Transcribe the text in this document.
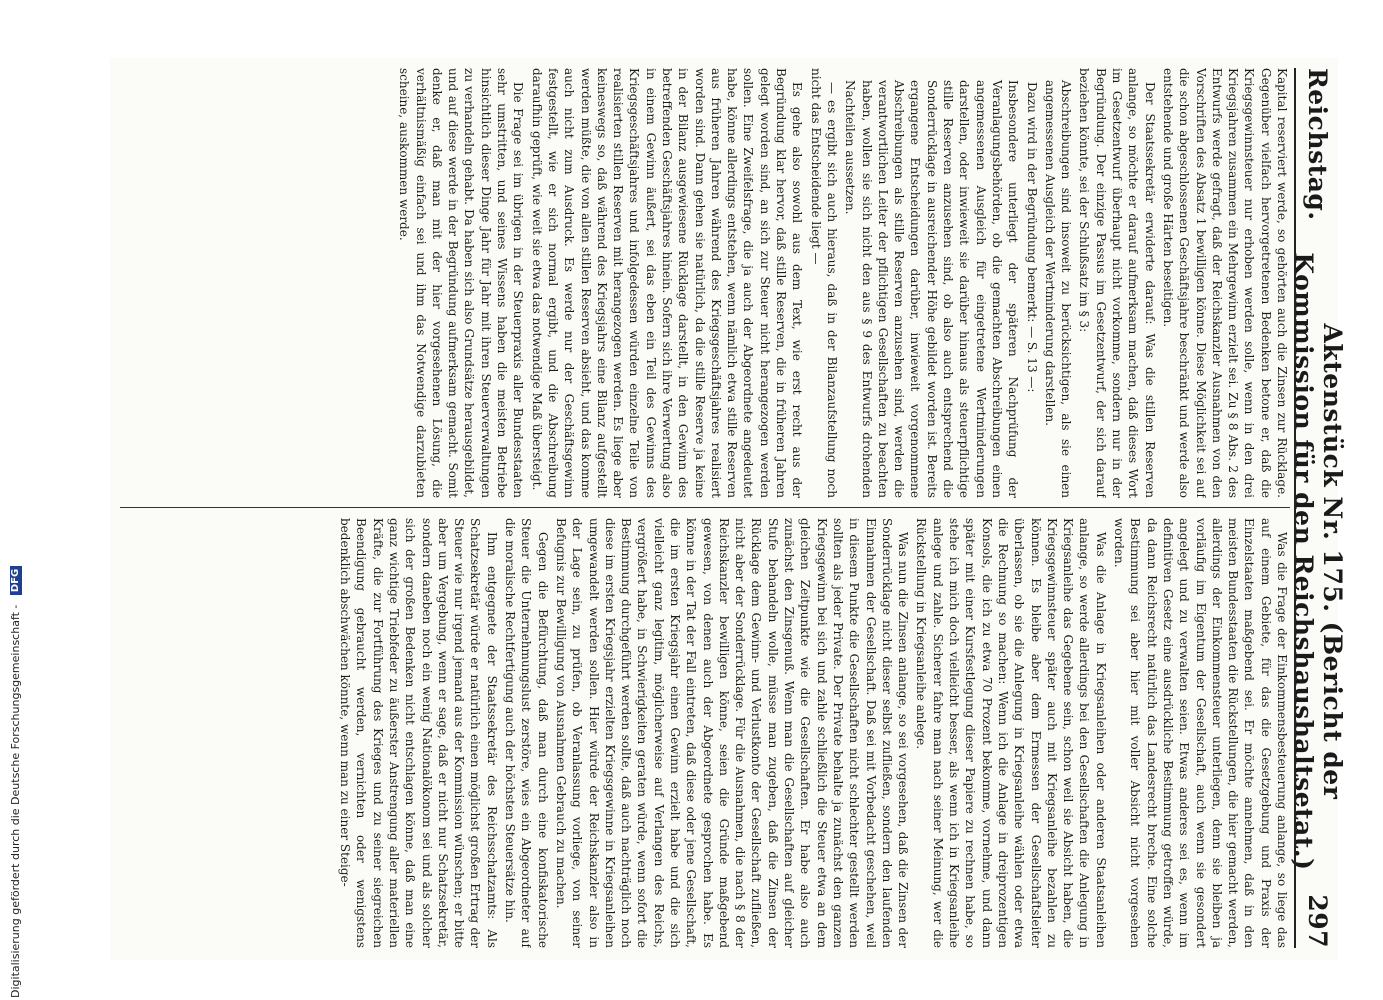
Digitalisierung gefördert durch die Deutsche Forschungsgemeinschaft - DFG
Reichstag.
Aktenstück Nr. 175. (Bericht der Kommission für den Reichshaushaltsetat.)
297

Kapital reserviert werde, so gehörten auch die Zinsen zur Rücklage. Gegenüber vielfach hervorgetretenen Bedenken betone er, daß die Kriegsgewinnsteuer nur erhoben werden solle, wenn in den drei Kriegsjahren zusammen ein Mehrgewinn erzielt sei. Zu § 8 Abs. 2 des Entwurfs werde gefragt, daß der Reichskanzler Ausnahmen von den Vorschriften des Absatz 1 bewilligen könne. Diese Möglichkeit sei auf die schon abgeschlossenen Geschäftsjahre beschränkt und werde also entstehende und große Härten beseitigen.

Der Staatssekretär erwiderte darauf: Was die stillen Reserven anlange, so möchte er darauf aufmerksam machen, daß dieses Wort im Gesetzentwurf überhaupt nicht vorkomme, sondern nur in der Begründung. Der einzige Passus im Gesetzentwurf, der sich darauf beziehen könnte, sei der Schlußsatz im § 3:

Abschreibungen sind insoweit zu berücksichtigen, als sie einen angemessenen Ausgleich der Wertminderung darstellen.

Dazu wird in der Begründung bemerkt: — S. 13 —:

Insbesondere unterliegt der späteren Nachprüfung der Veranlagungsbehörden, ob die gemachten Abschreibungen einen angemessenen Ausgleich für eingetretene Wertminderungen darstellen, oder inwieweit sie darüber hinaus als steuerpflichtige stille Reserven anzusehen sind, ob also auch entsprechend die Sonderrücklage in ausreichender Höhe gebildet worden ist. Bereits ergangene Entscheidungen darüber, inwieweit vorgenommene Abschreibungen als stille Reserven anzusehen sind, werden die verantwortlichen Leiter der pflichtigen Gesellschaften zu beachten haben, wollen sie sich nicht den aus § 9 des Entwurfs drohenden Nachteilen aussetzen.

— es ergibt sich auch hieraus, daß in der Bilanzaufstellung noch nicht das Entscheidende liegt —

Es gehe also sowohl aus dem Text, wie erst recht aus der Begründung klar hervor, daß stille Reserven, die in früheren Jahren gelegt worden sind, an sich zur Steuer nicht herangezogen werden sollen. Eine Zweifelsfrage, die ja auch der Abgeordnete angedeutet habe, könne allerdings entstehen, wenn nämlich etwa stille Reserven aus früheren Jahren während des Kriegsgeschäftsjahres realisiert worden sind. Dann gehen sie natürlich, da die stille Reserve ja keine in der Bilanz ausgewiesene Rücklage darstellt, in den Gewinn des betreffenden Geschäftsjahres hinein. Sofern sich ihre Verwertung also in einem Gewinn äußert, sei das eben ein Teil des Gewinns des Kriegsgeschäftsjahres und infolgedessen würden einzelne Teile von realisierten stillen Reserven mit herangezogen werden. Es liege aber keineswegs so, daß während des Kriegsjahrs eine Bilanz aufgestellt werden müßte, die von allen stillen Reserven absieht, und das komme auch nicht zum Ausdruck. Es werde nur der Geschäftsgewinn festgestellt, wie er sich normal ergibt, und die Abschreibung daraufhin geprüft, wie weit sie etwa das notwendige Maß übersteigt.

Die Frage sei im übrigen in der Steuerpraxis aller Bundesstaaten sehr umstritten, und seines Wissens haben die meisten Betriebe hinsichtlich dieser Dinge Jahr für Jahr mit ihren Steuerverwaltungen zu verhandeln gehabt. Da haben sich also Grundsätze herausgebildet, und auf diese werde in der Begründung aufmerksam gemacht. Somit denke er, daß man mit der hier vorgesehenen Lösung, die verhältnismäßig einfach sei und ihm das Notwendige darzubieten scheine, auskommen werde.

Was die Frage der Einkommensbesteuerung anlange, so liege das auf einem Gebiete, für das die Gesetzgebung und Praxis der Einzelstaaten maßgebend sei. Er möchte annehmen, daß in den meisten Bundesstaaten die Rückstellungen, die hier gemacht werden, allerdings der Einkommensteuer unterliegen, denn sie bleiben ja vorläufig im Eigentum der Gesellschaft, auch wenn sie gesondert angelegt und zu verwalten seien. Etwas anderes sei es, wenn im definitiven Gesetz eine ausdrückliche Bestimmung getroffen würde, da dann Reichsrecht natürlich das Landesrecht breche. Eine solche Bestimmung sei aber hier mit voller Absicht nicht vorgesehen worden.

Was die Anlage in Kriegsanleihen oder anderen Staatsanleihen anlange, so werde allerdings bei den Gesellschaften die Anlegung in Kriegsanleihe das Gegebene sein, schon weil sie Absicht haben, die Kriegsgewinnsteuer später auch mit Kriegsanleihe bezahlen zu können. Es bleibe aber dem Ermessen der Gesellschaftsleiter überlassen, ob sie die Anlegung in Kriegsanleihe wählen oder etwa die Rechnung so machen: Wenn ich die Anlage in dreiprozentigen Konsols, die ich zu etwa 70 Prozent bekomme, vornehme, und dann später mit einer Kursfestlegung dieser Papiere zu rechnen habe, so stehe ich mich doch vielleicht besser, als wenn ich in Kriegsanleihe anlege und zahle. Sicherer fahre man nach seiner Meinung, wer die Rückstellung in Kriegsanleihe anlege.

Was nun die Zinsen anlange, so sei vorgesehen, daß die Zinsen der Sonderrücklage nicht dieser selbst zufließen, sondern den laufenden Einnahmen der Gesellschaft. Daß sei mit Vorbedacht geschehen, weil in diesem Punkte die Gesellschaften nicht schlechter gestellt werden sollten als jeder Private. Der Private behalte ja zunächst den ganzen Kriegsgewinn bei sich und zahle schließlich die Steuer etwa an dem gleichen Zeitpunkte wie die Gesellschaften. Er habe also auch zunächst den Zinsgenuß. Wenn man die Gesellschaften auf gleicher Stufe behandeln wolle, müsse man zugeben, daß die Zinsen der Rücklage dem Gewinn- und Verlustkonto der Gesellschaft zufließen, nicht aber der Sonderrücklage. Für die Ausnahmen, die nach § 8 der Reichskanzler bewilligen könne, seien die Gründe maßgebend gewesen, von denen auch der Abgeordnete gesprochen habe. Es könne in der Tat der Fall eintreten, daß diese oder jene Gesellschaft, die im ersten Kriegsjahr einen Gewinn erzielt habe und die sich vielleicht ganz legitim, möglicherweise auf Verlangen des Reichs, vergrößert habe, in Schwierigkeiten geraten würde, wenn sofort die Bestimmung durchgeführt werden sollte, daß auch nachträglich noch diese im ersten Kriegsjahr erzielten Kriegsgewinne in Kriegsanleihen umgewandelt werden sollen. Hier würde der Reichskanzler also in der Lage sein, zu prüfen, ob Veranlassung vorliege, von seiner Befugnis zur Bewilligung von Ausnahmen Gebrauch zu machen.

Gegen die Befürchtung, daß man durch eine konfiskatorische Steuer die Unternehmungslust zerstöre, wies ein Abgeordneter auf die moralische Rechtfertigung auch der höchsten Steuersätze hin.

Ihm entgegnete der Staatssekretär des Reichsschatzamts: Als Schatzsekretär würde er natürlich einen möglichst großen Ertrag der Steuer wie nur irgend jemand aus der Kommission wünschen; er bitte aber um Vergebung, wenn er sage, daß er nicht nur Schatzsekretär, sondern daneben noch ein wenig Nationalökonom sei und als solcher sich der großen Bedenken nicht entschlagen könne, daß man eine ganz wichtige Triebfeder zu äußerster Anstrengung aller materiellen Kräfte, die zur Fortführung des Krieges und zu seiner siegreichen Beendigung gebraucht werden, vernichten oder wenigstens bedenklich abschwächen könnte, wenn man zu einer Steige-
